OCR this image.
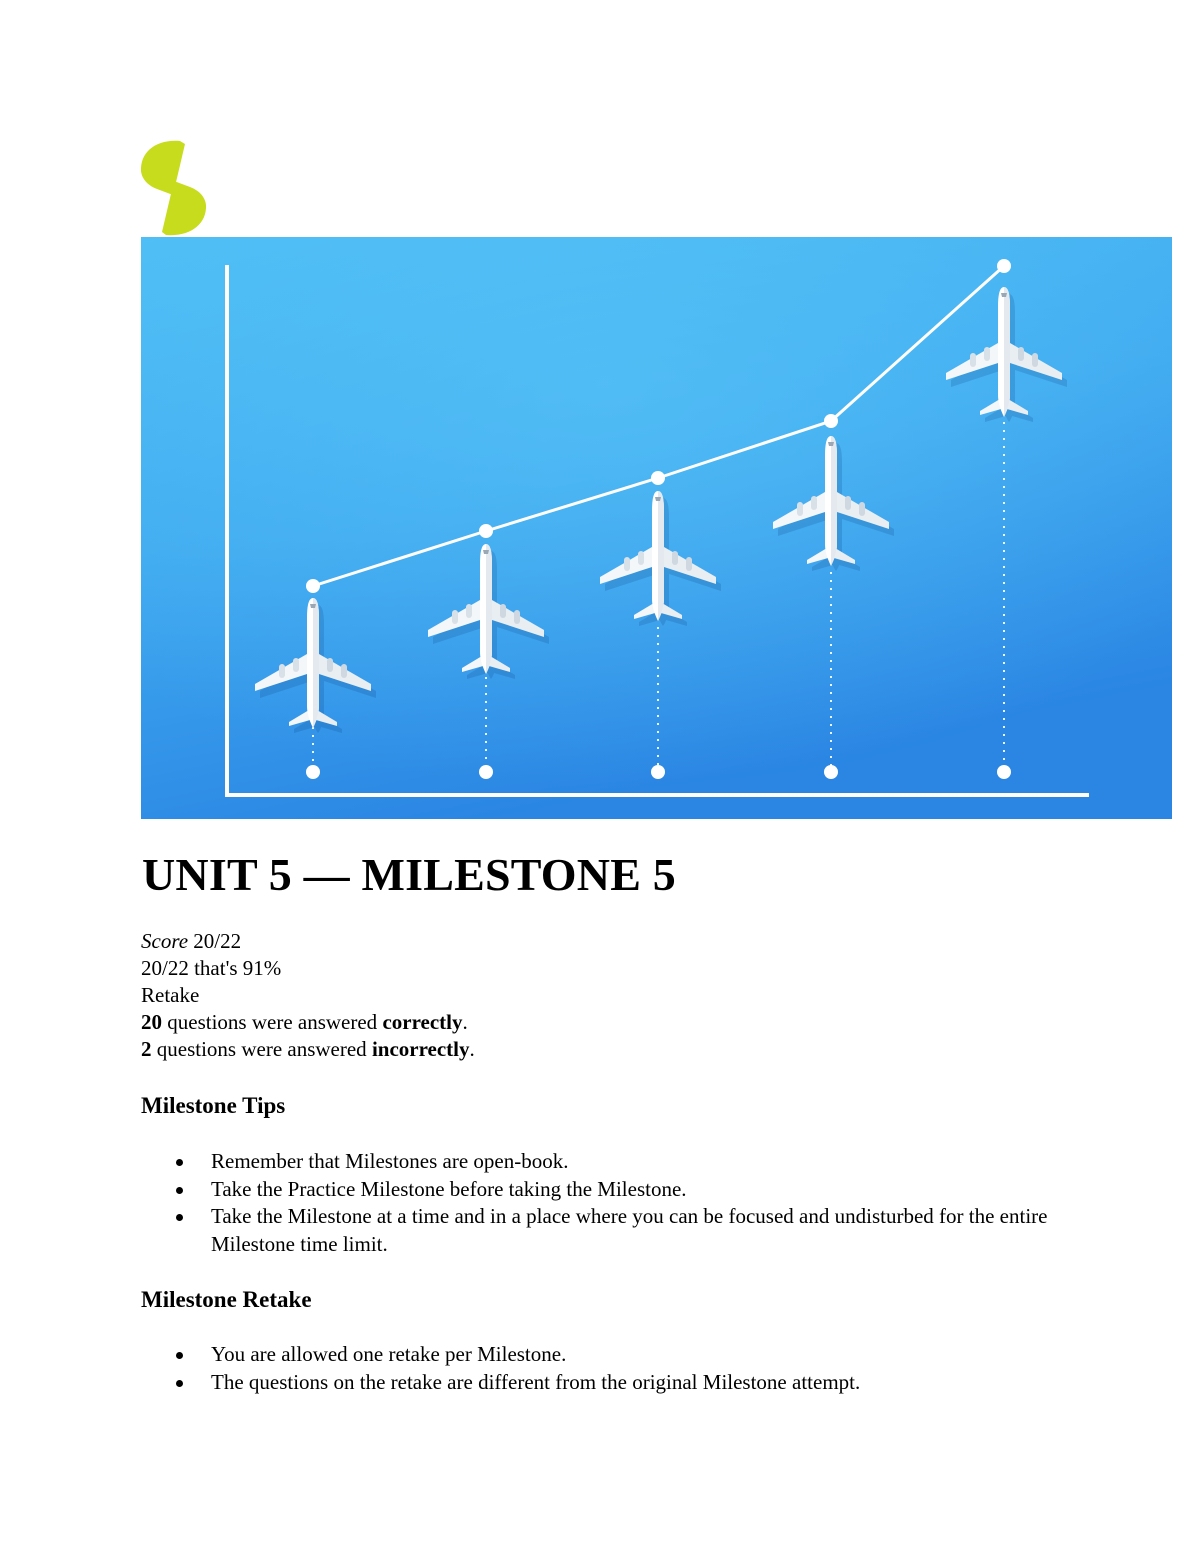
UNIT 5 — MILESTONE 5
Score 20/22
20/22 that's 91%
Retake
20 questions were answered correctly.
2 questions were answered incorrectly.
Milestone Tips
Remember that Milestones are open-book.
Take the Practice Milestone before taking the Milestone.
Take the Milestone at a time and in a place where you can be focused and undisturbed for the entire Milestone time limit.
Milestone Retake
You are allowed one retake per Milestone.
The questions on the retake are different from the original Milestone attempt.
